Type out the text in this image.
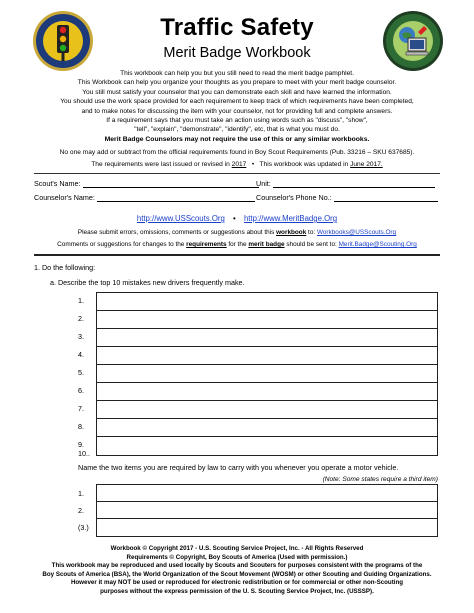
Traffic Safety
Merit Badge Workbook
This workbook can help you but you still need to read the merit badge pamphlet.
This Workbook can help you organize your thoughts as you prepare to meet with your merit badge counselor.
You still must satisfy your counselor that you can demonstrate each skill and have learned the information.
You should use the work space provided for each requirement to keep track of which requirements have been completed,
and to make notes for discussing the item with your counselor, not for providing full and complete answers.
If a requirement says that you must take an action using words such as "discuss", "show",
"tell", "explain", "demonstrate", "identify", etc, that is what you must do.
Merit Badge Counselors may not require the use of this or any similar workbooks.
No one may add or subtract from the official requirements found in Boy Scout Requirements (Pub. 33216 – SKU 637685).
The requirements were last issued or revised in 2017 • This workbook was updated in June 2017.
Scout's Name:	Unit:
Counselor's Name:	Counselor's Phone No.:
http://www.USScouts.Org • http://www.MeritBadge.Org
Please submit errors, omissions, comments or suggestions about this workbook to: Workbooks@USScouts.Org
Comments or suggestions for changes to the requirements for the merit badge should be sent to: Merit.Badge@Scouting.Org
1. Do the following:
a. Describe the top 10 mistakes new drivers frequently make.
1.
2.
3.
4.
5.
6.
7.
8.
9.
10..
Name the two items you are required by law to carry with you whenever you operate a motor vehicle.
(Note: Some states require a third item)
1.
2.
(3.)
Workbook © Copyright 2017 - U.S. Scouting Service Project, Inc. - All Rights Reserved
Requirements © Copyright, Boy Scouts of America (Used with permission.)
This workbook may be reproduced and used locally by Scouts and Scouters for purposes consistent with the programs of the
Boy Scouts of America (BSA), the World Organization of the Scout Movement (WOSM) or other Scouting and Guiding Organizations.
However it may NOT be used or reproduced for electronic redistribution or for commercial or other non-Scouting
purposes without the express permission of the U. S. Scouting Service Project, Inc. (USSSP).
